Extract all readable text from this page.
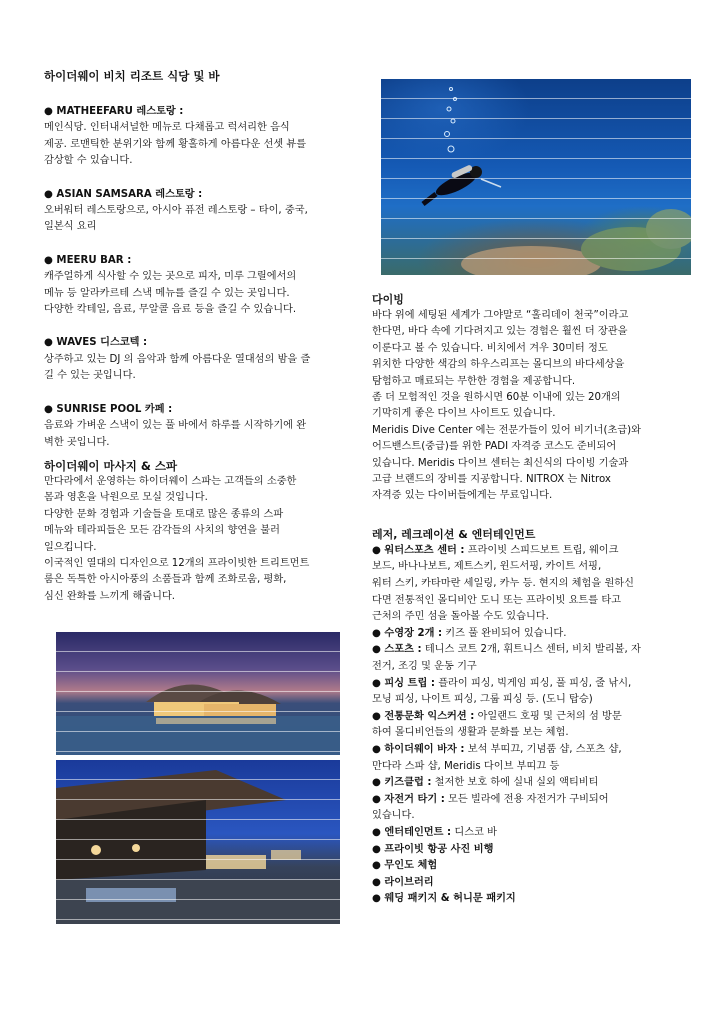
하이더웨이 비치 리조트 식당 및 바

● MATHEEFARU 레스토랑 :

메인식당. 인터내셔널한 메뉴로 다채롭고 럭셔리한 음식

제공. 로맨틱한 분위기와 함께 황홀하게 아름다운 선셋 뷰를

감상할 수 있습니다.

● ASIAN SAMSARA 레스토랑 :

오버워터 레스토랑으로, 아시아 퓨전 레스토랑 – 타이, 중국,

일본식 요리

● MEERU BAR :

캐주얼하게 식사할 수 있는 곳으로 피자, 미루 그릴에서의

메뉴 등 알라카르테 스낵 메뉴를 즐길 수 있는 곳입니다.

다양한 칵테일, 음료, 무알콜 음료 등을 즐길 수 있습니다.

● WAVES 디스코텍 :

상주하고 있는 DJ 의 음악과 함께 아름다운 열대섬의 밤을 즐

길 수 있는 곳입니다.

● SUNRISE POOL 카페 :

음료와 가벼운 스낵이 있는 풀 바에서 하루를 시작하기에 완

벽한 곳입니다.

하이더웨이 마사지 & 스파

만다라에서 운영하는 하이더웨이 스파는 고객들의 소중한

몸과 영혼을 낙원으로 모실 것입니다.

다양한 문화 경험과 기술들을 토대로 많은 종류의 스파

메뉴와 테라피들은 모든 감각들의 사치의 향연을 불러

일으킵니다.

이국적인 열대의 디자인으로 12개의 프라이빗한 트리트먼트

룸은 독특한 아시아풍의 소품들과 함께 조화로움, 평화,

심신 완화를 느끼게 해줍니다.

다이빙

바다 위에 세팅된 세계가 그야말로 “홀리데이 천국”이라고

한다면, 바다 속에 기다려지고 있는 경험은 훨씬 더 장관을

이룬다고 볼 수 있습니다. 비치에서 겨우 30미터 정도

위치한 다양한 색감의 하우스리프는 몰디브의 바다세상을

탐험하고 매료되는 무한한 경험을 제공합니다.

좀 더 모험적인 것을 원하시면 60분 이내에 있는 20개의

기막히게 좋은 다이브 사이트도 있습니다.

Meridis Dive Center 에는 전문가들이 있어 비기너(초급)와

어드밴스트(중급)를 위한 PADI 자격증 코스도 준비되어

있습니다. Meridis 다이브 센터는 최신식의 다이빙 기술과

고급 브랜드의 장비를 지공합니다. NITROX 는 Nitrox

자격증 있는 다이버들에게는 무료입니다.

레저, 레크레이션 & 엔터테인먼트

● 워터스포츠 센터 : 프라이빗 스피드보트 트립, 웨이크

보드, 바나나보트, 제트스키, 윈드서핑, 카이트 서핑,

워터 스키, 카타마란 세일링, 카누 등. 현지의 체험을 원하신

다면 전통적인 몰디비안 도니 또는 프라이빗 요트를 타고

근처의 주민 섬을 돌아볼 수도 있습니다.

● 수영장 2개 : 키즈 풀 완비되어 있습니다.

● 스포츠 : 테니스 코트 2개, 휘트니스 센터, 비치 발리볼, 자

전거, 조깅 및 운동 기구

● 피싱 트립 : 플라이 피싱, 빅게임 피싱, 풀 피싱, 줄 낚시,

모닝 피싱, 나이트 피싱, 그룹 피싱 등. (도니 탑승)

● 전통문화 익스커션 : 아일랜드 호핑 및 근처의 섬 방문

하여 몰디비언들의 생활과 문화를 보는 체험.

● 하이더웨이 바자 : 보석 부띠끄, 기념품 샵, 스포츠 샵,

만다라 스파 샵, Meridis 다이브 부띠끄 등

● 키즈클럽 : 철저한 보호 하에 실내 실외 액티비티

● 자전거 타기 : 모든 빌라에 전용 자전거가 구비되어

있습니다.

● 엔터테인먼트 : 디스코 바

● 프라이빗 항공 사진 비행

● 무인도 체험

● 라이브러리

● 웨딩 패키지 & 허니문 패키지
